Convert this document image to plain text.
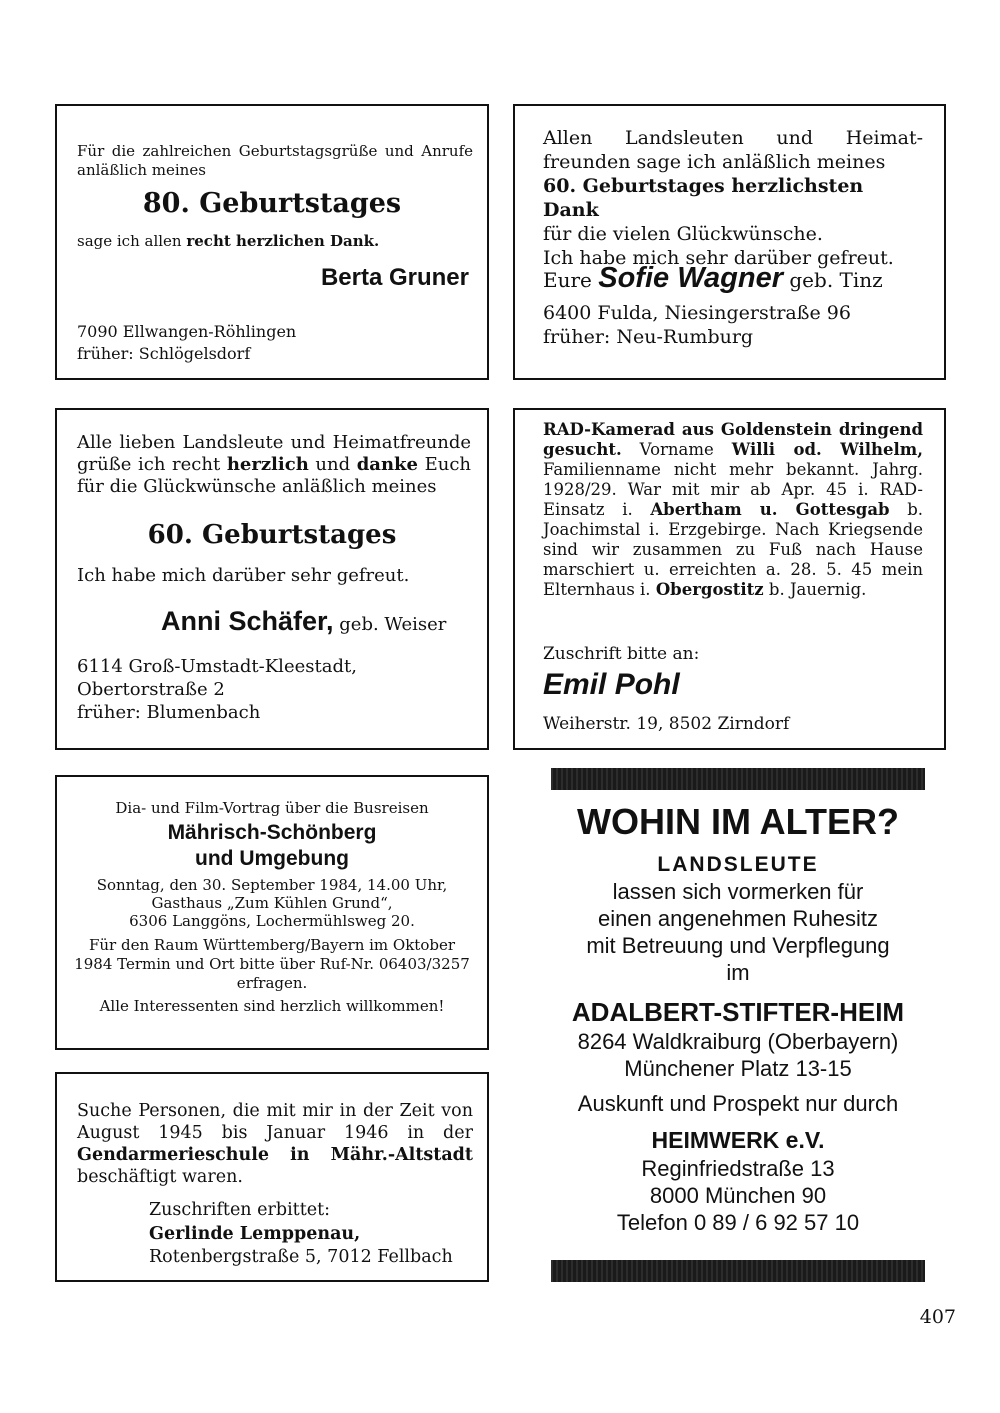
Für die zahlreichen Geburtstagsgrüße und Anrufe anläßlich meines

80. Geburtstages

sage ich allen recht herzlichen Dank.

Berta Gruner

7090 Ellwangen-Röhlingen

früher: Schlögelsdorf

Allen Landsleuten und Heimat-

freunden sage ich anläßlich meines

60. Geburtstages herzlichsten Dank

für die vielen Glückwünsche.

Ich habe mich sehr darüber gefreut.

Eure Sofie Wagner geb. Tinz

6400 Fulda, Niesingerstraße 96

früher: Neu-Rumburg

Alle lieben Landsleute und Heimatfreunde grüße ich recht herzlich und danke Euch für die Glückwünsche anläßlich meines

60. Geburtstages

Ich habe mich darüber sehr gefreut.

Anni Schäfer, geb. Weiser

6114 Groß-Umstadt-Kleestadt,

Obertorstraße 2

früher: Blumenbach

RAD-Kamerad aus Goldenstein dringend gesucht. Vorname Willi od. Wilhelm, Familienname nicht mehr bekannt. Jahrg. 1928/29. War mit mir ab Apr. 45 i. RAD-Einsatz i. Abertham u. Gottesgab b. Joachimstal i. Erzgebirge. Nach Kriegsende sind wir zusammen zu Fuß nach Hause marschiert u. erreichten a. 28. 5. 45 mein Elternhaus i. Obergostitz b. Jauernig.

Zuschrift bitte an:

Emil Pohl

Weiherstr. 19, 8502 Zirndorf

Dia- und Film-Vortrag über die Busreisen

Mährisch-Schönberg

und Umgebung

Sonntag, den 30. September 1984, 14.00 Uhr,

Gasthaus „Zum Kühlen Grund“,

6306 Langgöns, Lochermühlsweg 20.

Für den Raum Württemberg/Bayern im Oktober 1984 Termin und Ort bitte über Ruf-Nr. 06403/3257 erfragen.

Alle Interessenten sind herzlich willkommen!

Suche Personen, die mit mir in der Zeit von August 1945 bis Januar 1946 in der Gendarmerieschule in Mähr.-Altstadt beschäftigt waren.

Zuschriften erbittet:

Gerlinde Lemppenau,

Rotenbergstraße 5, 7012 Fellbach

WOHIN IM ALTER?

LANDSLEUTE

lassen sich vormerken für

einen angenehmen Ruhesitz

mit Betreuung und Verpflegung

im

ADALBERT-STIFTER-HEIM

8264 Waldkraiburg (Oberbayern)

Münchener Platz 13-15

Auskunft und Prospekt nur durch

HEIMWERK e.V.

Reginfriedstraße 13

8000 München 90

Telefon 0 89 / 6 92 57 10

407
